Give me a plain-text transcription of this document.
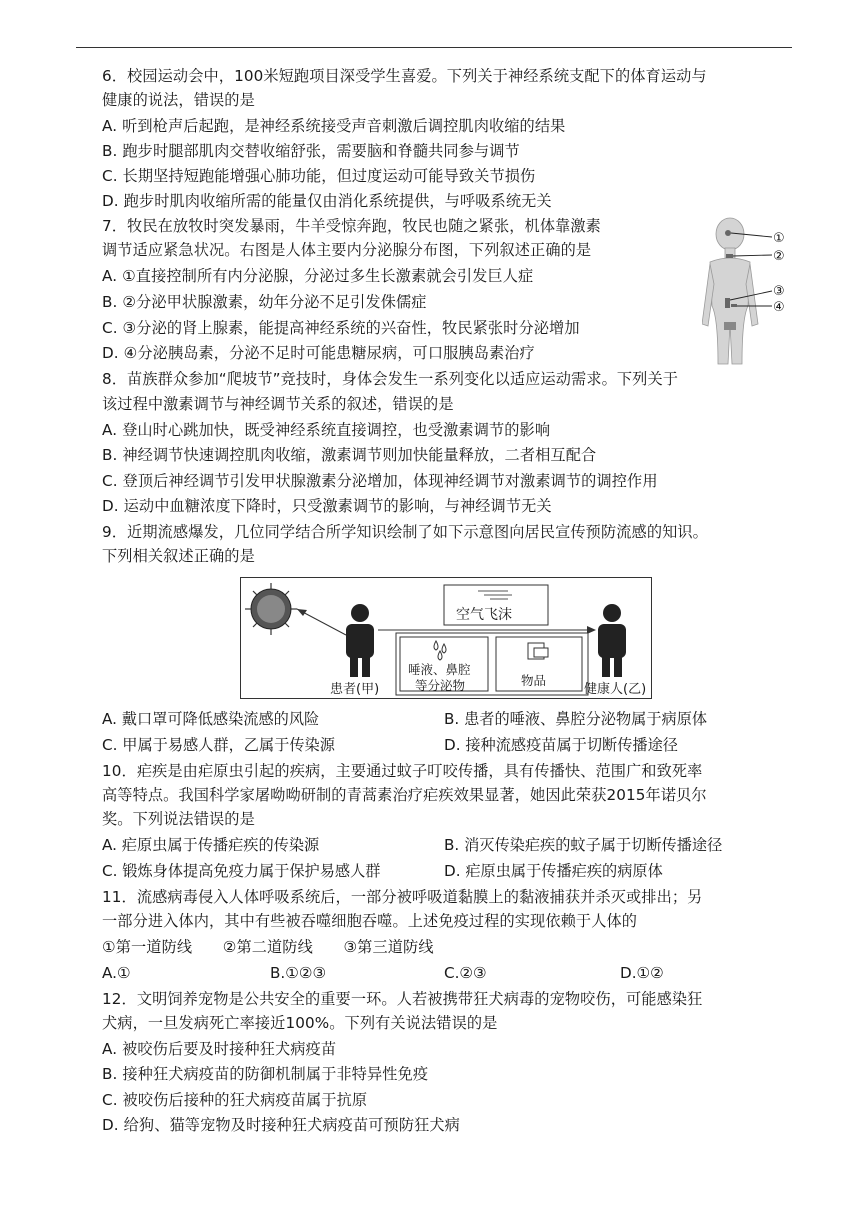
6．校园运动会中，100米短跑项目深受学生喜爱。下列关于神经系统支配下的体育运动与
健康的说法，错误的是
A. 听到枪声后起跑，是神经系统接受声音刺激后调控肌肉收缩的结果
B. 跑步时腿部肌肉交替收缩舒张，需要脑和脊髓共同参与调节
C. 长期坚持短跑能增强心肺功能，但过度运动可能导致关节损伤
D. 跑步时肌肉收缩所需的能量仅由消化系统提供，与呼吸系统无关
7．牧民在放牧时突发暴雨，牛羊受惊奔跑，牧民也随之紧张，机体靠激素
调节适应紧急状况。右图是人体主要内分泌腺分布图，下列叙述正确的是
A. ①直接控制所有内分泌腺，分泌过多生长激素就会引发巨人症
B. ②分泌甲状腺激素，幼年分泌不足引发侏儒症
C. ③分泌的肾上腺素，能提高神经系统的兴奋性，牧民紧张时分泌增加
D. ④分泌胰岛素，分泌不足时可能患糖尿病，可口服胰岛素治疗
①
②
③
④
8．苗族群众参加“爬坡节”竞技时，身体会发生一系列变化以适应运动需求。下列关于
该过程中激素调节与神经调节关系的叙述，错误的是
A. 登山时心跳加快，既受神经系统直接调控，也受激素调节的影响
B. 神经调节快速调控肌肉收缩，激素调节则加快能量释放，二者相互配合
C. 登顶后神经调节引发甲状腺激素分泌增加，体现神经调节对激素调节的调控作用
D. 运动中血糖浓度下降时，只受激素调节的影响，与神经调节无关
9．近期流感爆发，几位同学结合所学知识绘制了如下示意图向居民宣传预防流感的知识。
下列相关叙述正确的是
空气飞沫
唾液、鼻腔
等分泌物	物品
患者(甲)	健康人(乙)
A. 戴口罩可降低感染流感的风险	B. 患者的唾液、鼻腔分泌物属于病原体
C. 甲属于易感人群，乙属于传染源	D. 接种流感疫苗属于切断传播途径
10．疟疾是由疟原虫引起的疾病，主要通过蚊子叮咬传播，具有传播快、范围广和致死率
高等特点。我国科学家屠呦呦研制的青蒿素治疗疟疾效果显著，她因此荣获2015年诺贝尔
奖。下列说法错误的是
A. 疟原虫属于传播疟疾的传染源	B. 消灭传染疟疾的蚊子属于切断传播途径
C. 锻炼身体提高免疫力属于保护易感人群	D. 疟原虫属于传播疟疾的病原体
11．流感病毒侵入人体呼吸系统后，一部分被呼吸道黏膜上的黏液捕获并杀灭或排出；另
一部分进入体内，其中有些被吞噬细胞吞噬。上述免疫过程的实现依赖于人体的
①第一道防线　　②第二道防线　　③第三道防线
A.①	B.①②③	C.②③	D.①②
12．文明饲养宠物是公共安全的重要一环。人若被携带狂犬病毒的宠物咬伤，可能感染狂
犬病，一旦发病死亡率接近100%。下列有关说法错误的是
A. 被咬伤后要及时接种狂犬病疫苗
B. 接种狂犬病疫苗的防御机制属于非特异性免疫
C. 被咬伤后接种的狂犬病疫苗属于抗原
D. 给狗、猫等宠物及时接种狂犬病疫苗可预防狂犬病
